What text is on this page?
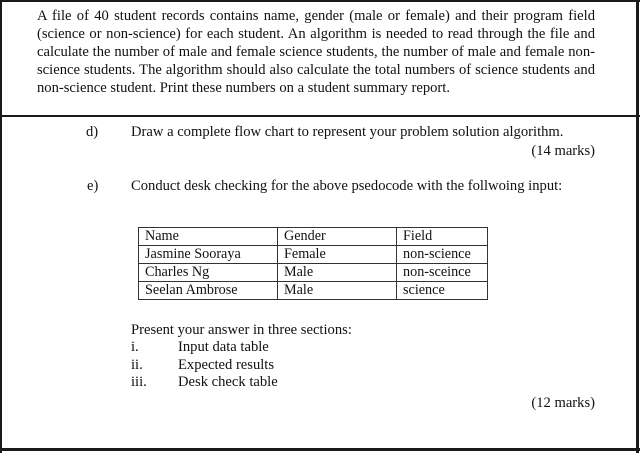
A file of 40 student records contains name, gender (male or female) and their program field (science or non-science) for each student. An algorithm is needed to read through the file and calculate the number of male and female science students, the number of male and female non-science students. The algorithm should also calculate the total numbers of science students and non-science student. Print these numbers on a student summary report.
d) Draw a complete flow chart to represent your problem solution algorithm.
(14 marks)
e) Conduct desk checking for the above psedocode with the follwoing input:
Name	Gender	Field
Jasmine Sooraya	Female	non-science
Charles Ng	Male	non-sceince
Seelan Ambrose	Male	science
Present your answer in three sections:
i.	Input data table
ii. Expected results
iii. Desk check table
(12 marks)
